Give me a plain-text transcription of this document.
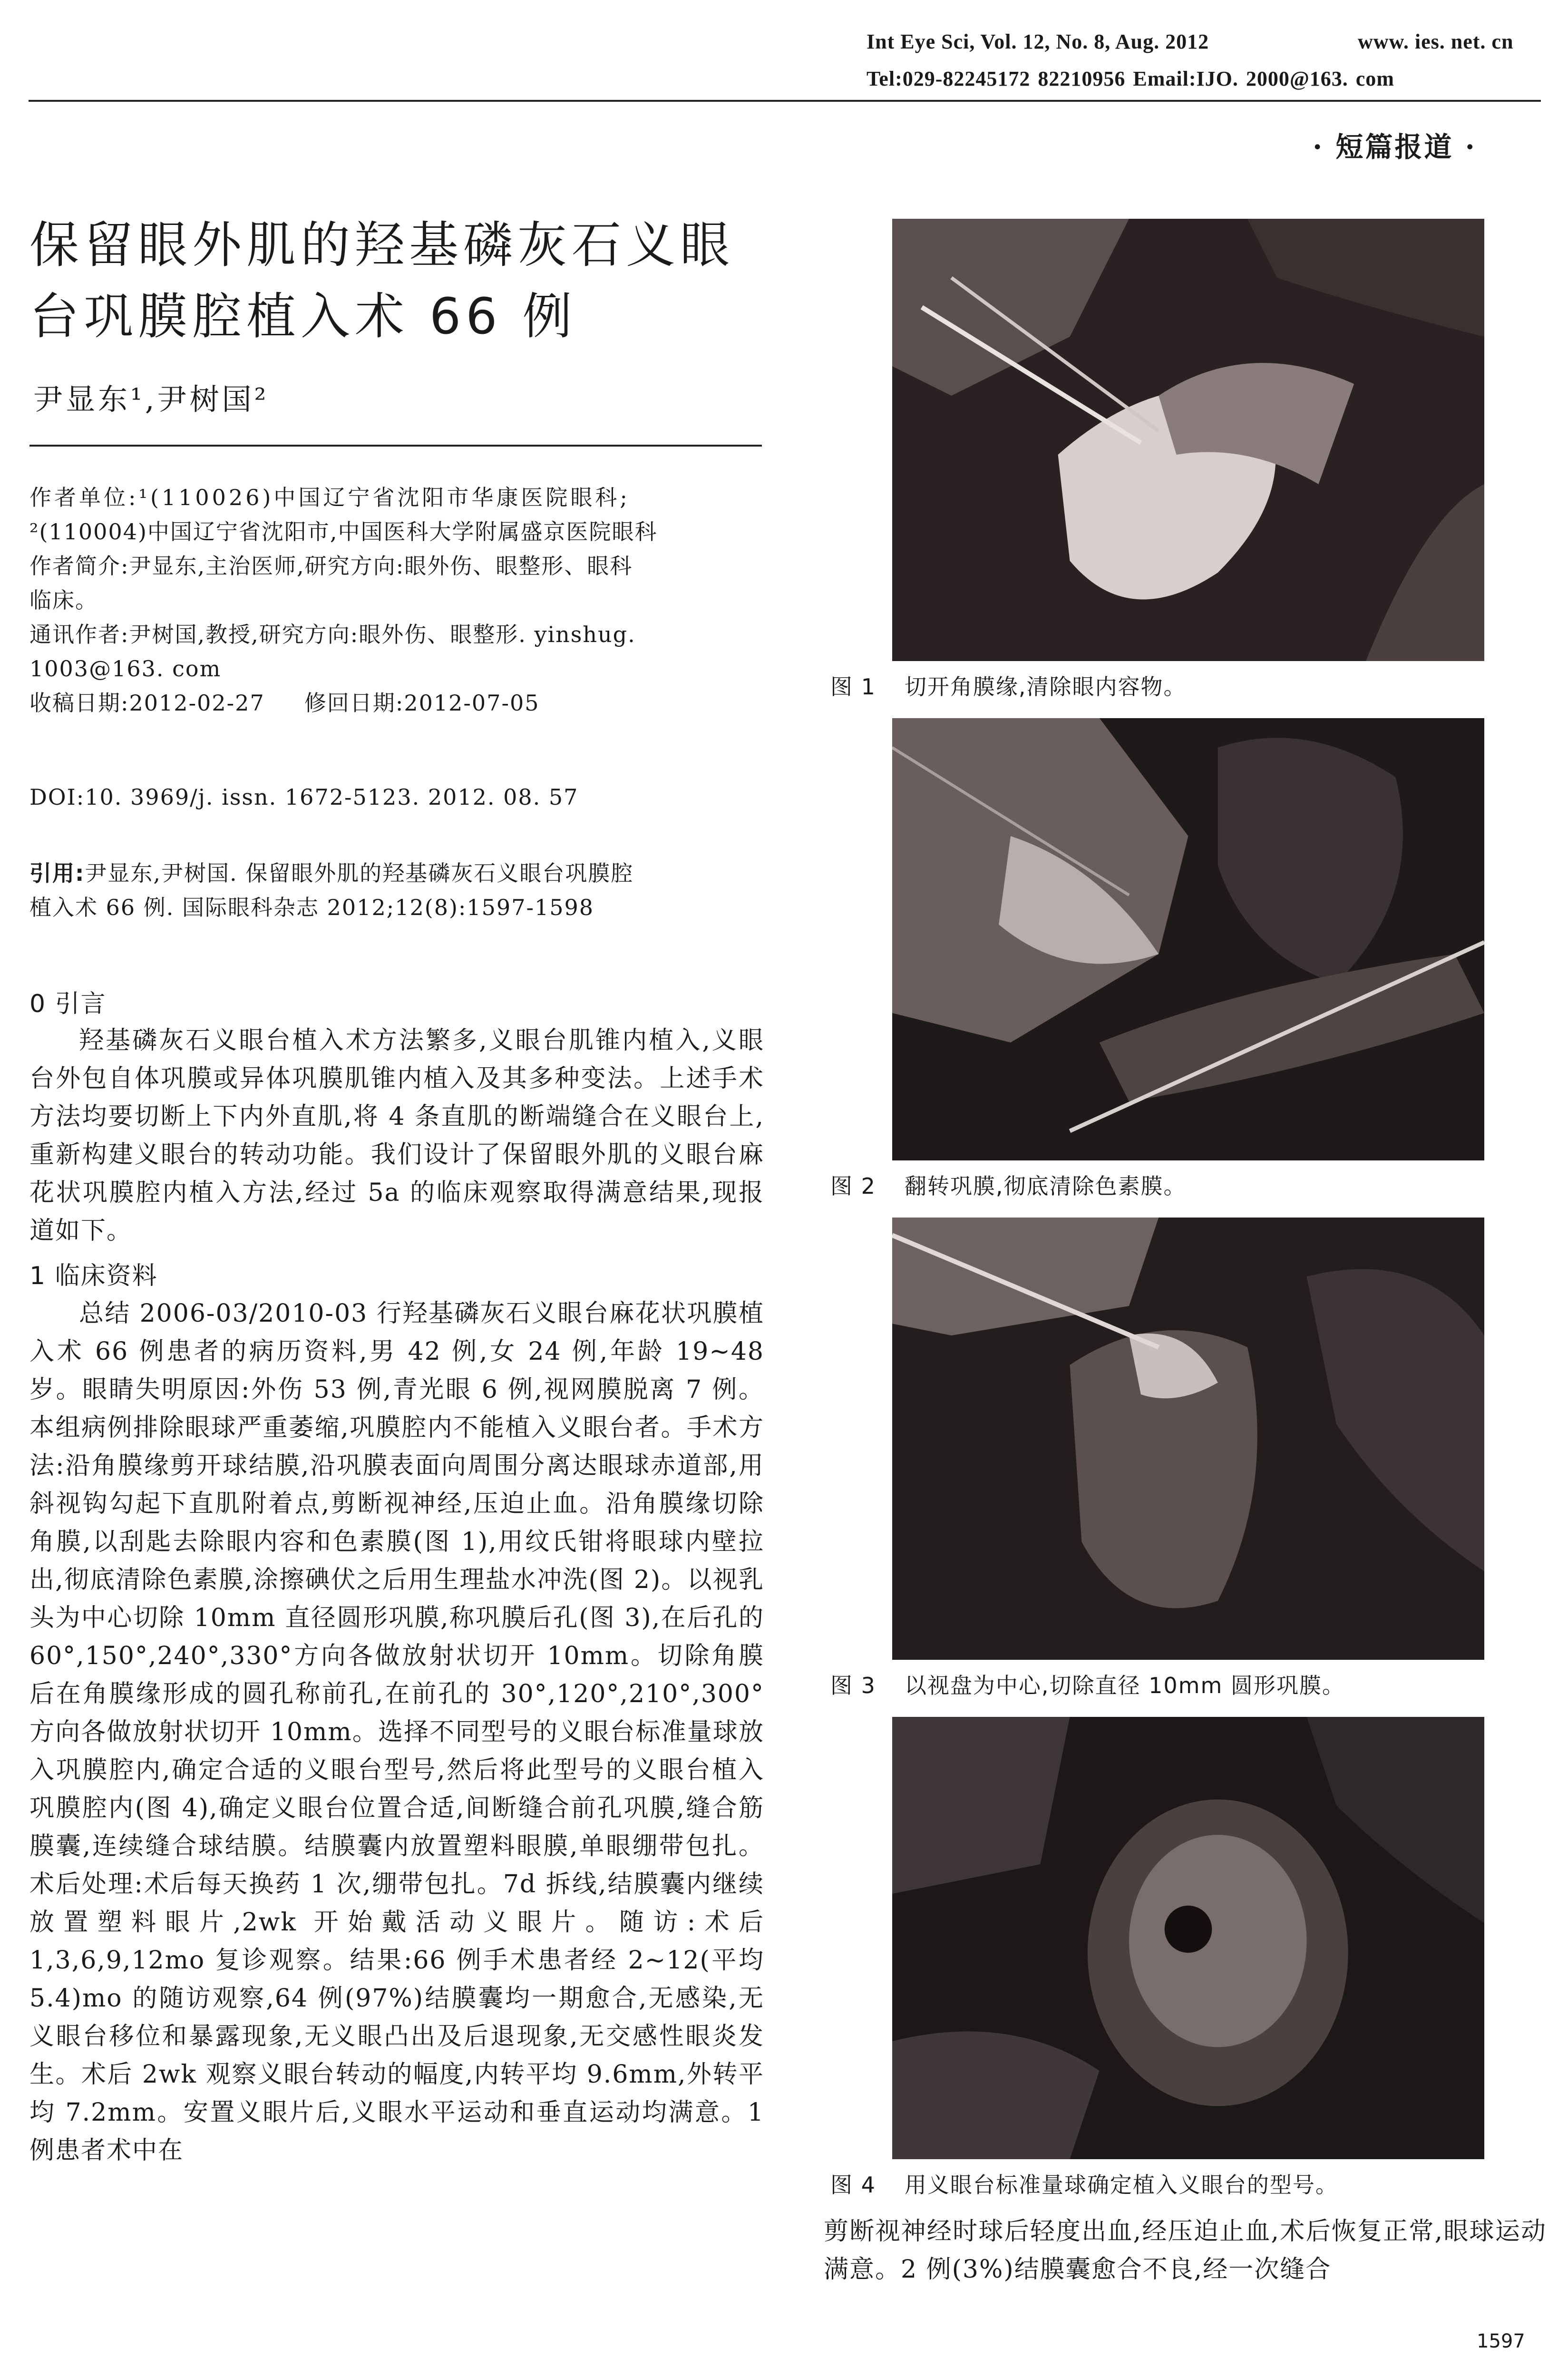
Int Eye Sci, Vol. 12, No. 8, Aug. 2012	www. ies. net. cn
Tel:029-82245172 82210956 Email:IJO. 2000@163. com
· 短篇报道 ·
保留眼外肌的羟基磷灰石义眼
台巩膜腔植入术 66 例
尹显东¹,尹树国²
作者单位:¹(110026)中国辽宁省沈阳市华康医院眼科;
²(110004)中国辽宁省沈阳市,中国医科大学附属盛京医院眼科
作者简介:尹显东,主治医师,研究方向:眼外伤、眼整形、眼科
临床。
通讯作者:尹树国,教授,研究方向:眼外伤、眼整形. yinshug.
1003@163. com
收稿日期:2012-02-27     修回日期:2012-07-05
DOI:10. 3969/j. issn. 1672-5123. 2012. 08. 57
引用:尹显东,尹树国. 保留眼外肌的羟基磷灰石义眼台巩膜腔
植入术 66 例. 国际眼科杂志 2012;12(8):1597-1598
0 引言

羟基磷灰石义眼台植入术方法繁多,义眼台肌锥内植入,义眼台外包自体巩膜或异体巩膜肌锥内植入及其多种变法。上述手术方法均要切断上下内外直肌,将 4 条直肌的断端缝合在义眼台上,重新构建义眼台的转动功能。我们设计了保留眼外肌的义眼台麻花状巩膜腔内植入方法,经过 5a 的临床观察取得满意结果,现报道如下。

1 临床资料

总结 2006-03/2010-03 行羟基磷灰石义眼台麻花状巩膜植入术 66 例患者的病历资料,男 42 例,女 24 例,年龄 19~48 岁。眼睛失明原因:外伤 53 例,青光眼 6 例,视网膜脱离 7 例。本组病例排除眼球严重萎缩,巩膜腔内不能植入义眼台者。手术方法:沿角膜缘剪开球结膜,沿巩膜表面向周围分离达眼球赤道部,用斜视钩勾起下直肌附着点,剪断视神经,压迫止血。沿角膜缘切除角膜,以刮匙去除眼内容和色素膜(图 1),用纹氏钳将眼球内壁拉出,彻底清除色素膜,涂擦碘伏之后用生理盐水冲洗(图 2)。以视乳头为中心切除 10mm 直径圆形巩膜,称巩膜后孔(图 3),在后孔的 60°,150°,240°,330°方向各做放射状切开 10mm。切除角膜后在角膜缘形成的圆孔称前孔,在前孔的 30°,120°,210°,300°方向各做放射状切开 10mm。选择不同型号的义眼台标准量球放入巩膜腔内,确定合适的义眼台型号,然后将此型号的义眼台植入巩膜腔内(图 4),确定义眼台位置合适,间断缝合前孔巩膜,缝合筋膜囊,连续缝合球结膜。结膜囊内放置塑料眼膜,单眼绷带包扎。术后处理:术后每天换药 1 次,绷带包扎。7d 拆线,结膜囊内继续放置塑料眼片,2wk 开始戴活动义眼片。随访:术后 1,3,6,9,12mo 复诊观察。结果:66 例手术患者经 2~12(平均 5.4)mo 的随访观察,64 例(97%)结膜囊均一期愈合,无感染,无义眼台移位和暴露现象,无义眼凸出及后退现象,无交感性眼炎发生。术后 2wk 观察义眼台转动的幅度,内转平均 9.6mm,外转平均 7.2mm。安置义眼片后,义眼水平运动和垂直运动均满意。1 例患者术中在

图 1 切开角膜缘,清除眼内容物。
图 2 翻转巩膜,彻底清除色素膜。
图 3 以视盘为中心,切除直径 10mm 圆形巩膜。
图 4 用义眼台标准量球确定植入义眼台的型号。

剪断视神经时球后轻度出血,经压迫止血,术后恢复正常,眼球运动满意。2 例(3%)结膜囊愈合不良,经一次缝合

1597
